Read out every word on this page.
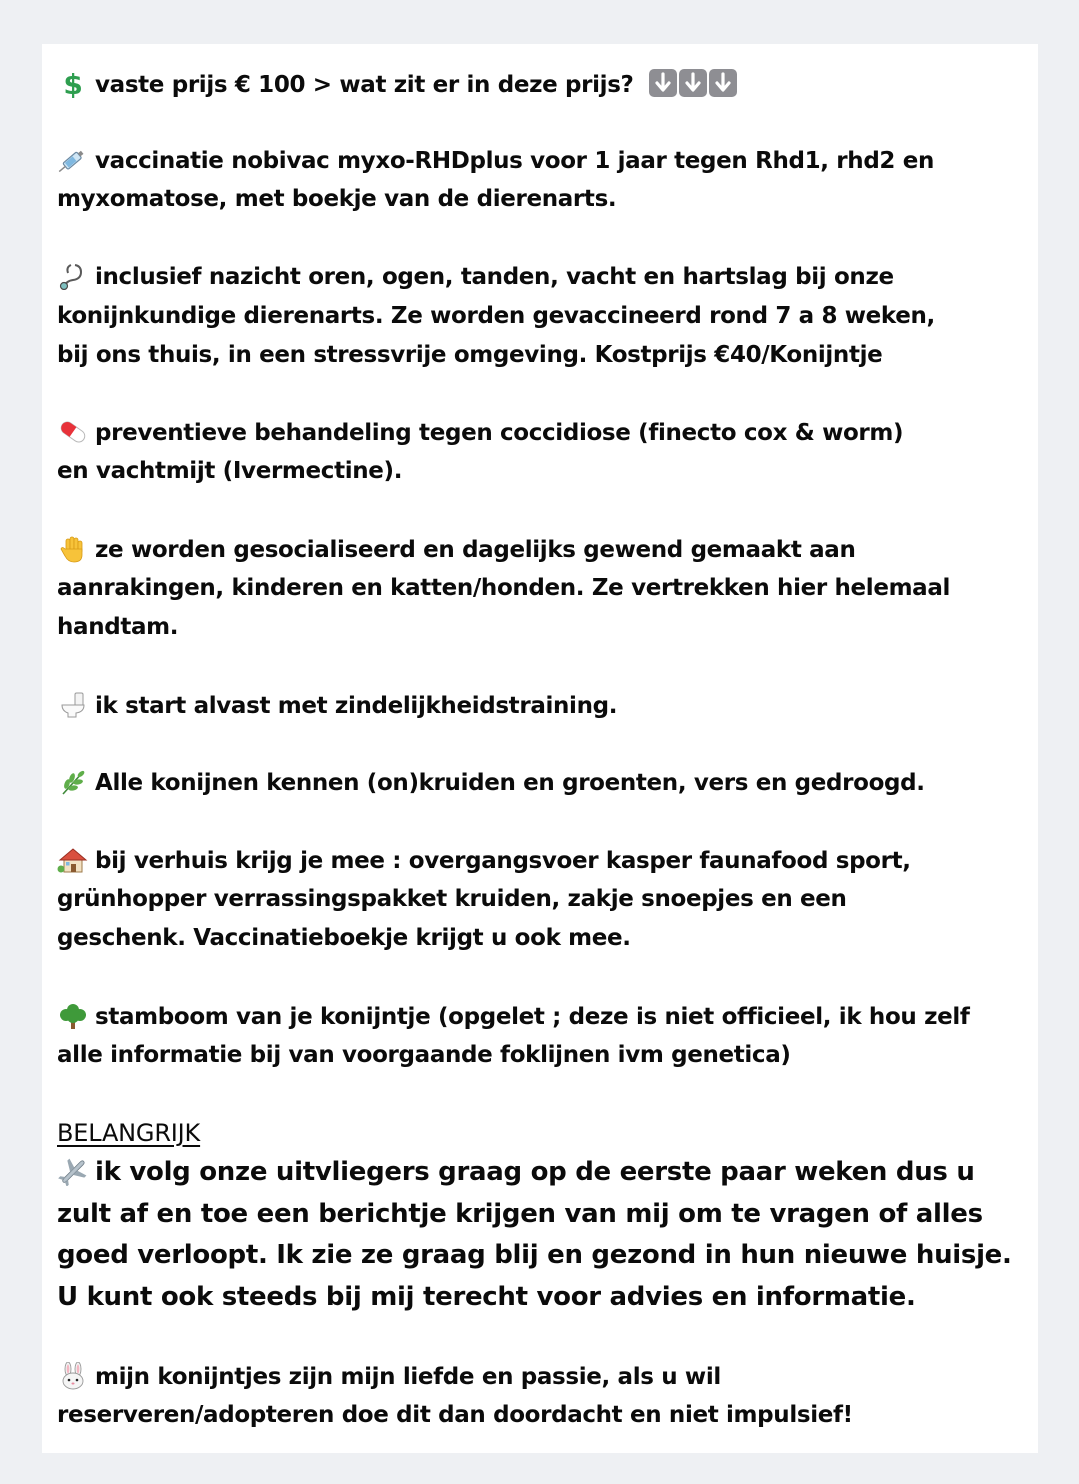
$ vaste prijs € 100 > wat zit er in deze prijs?
vaccinatie nobivac myxo-RHDplus voor 1 jaar tegen Rhd1, rhd2 en
myxomatose, met boekje van de dierenarts.
inclusief nazicht oren, ogen, tanden, vacht en hartslag bij onze
konijnkundige dierenarts. Ze worden gevaccineerd rond 7 a 8 weken,
bij ons thuis, in een stressvrije omgeving. Kostprijs €40/Konijntje
preventieve behandeling tegen coccidiose (finecto cox & worm)
en vachtmijt (Ivermectine).
ze worden gesocialiseerd en dagelijks gewend gemaakt aan
aanrakingen, kinderen en katten/honden. Ze vertrekken hier helemaal
handtam.
ik start alvast met zindelijkheidstraining.
Alle konijnen kennen (on)kruiden en groenten, vers en gedroogd.
bij verhuis krijg je mee : overgangsvoer kasper faunafood sport,
grünhopper verrassingspakket kruiden, zakje snoepjes en een
geschenk. Vaccinatieboekje krijgt u ook mee.
stamboom van je konijntje (opgelet ; deze is niet officieel, ik hou zelf
alle informatie bij van voorgaande foklijnen ivm genetica)
BELANGRIJK
ik volg onze uitvliegers graag op de eerste paar weken dus u
zult af en toe een berichtje krijgen van mij om te vragen of alles
goed verloopt. Ik zie ze graag blij en gezond in hun nieuwe huisje.
U kunt ook steeds bij mij terecht voor advies en informatie.
mijn konijntjes zijn mijn liefde en passie, als u wil
reserveren/adopteren doe dit dan doordacht en niet impulsief!
